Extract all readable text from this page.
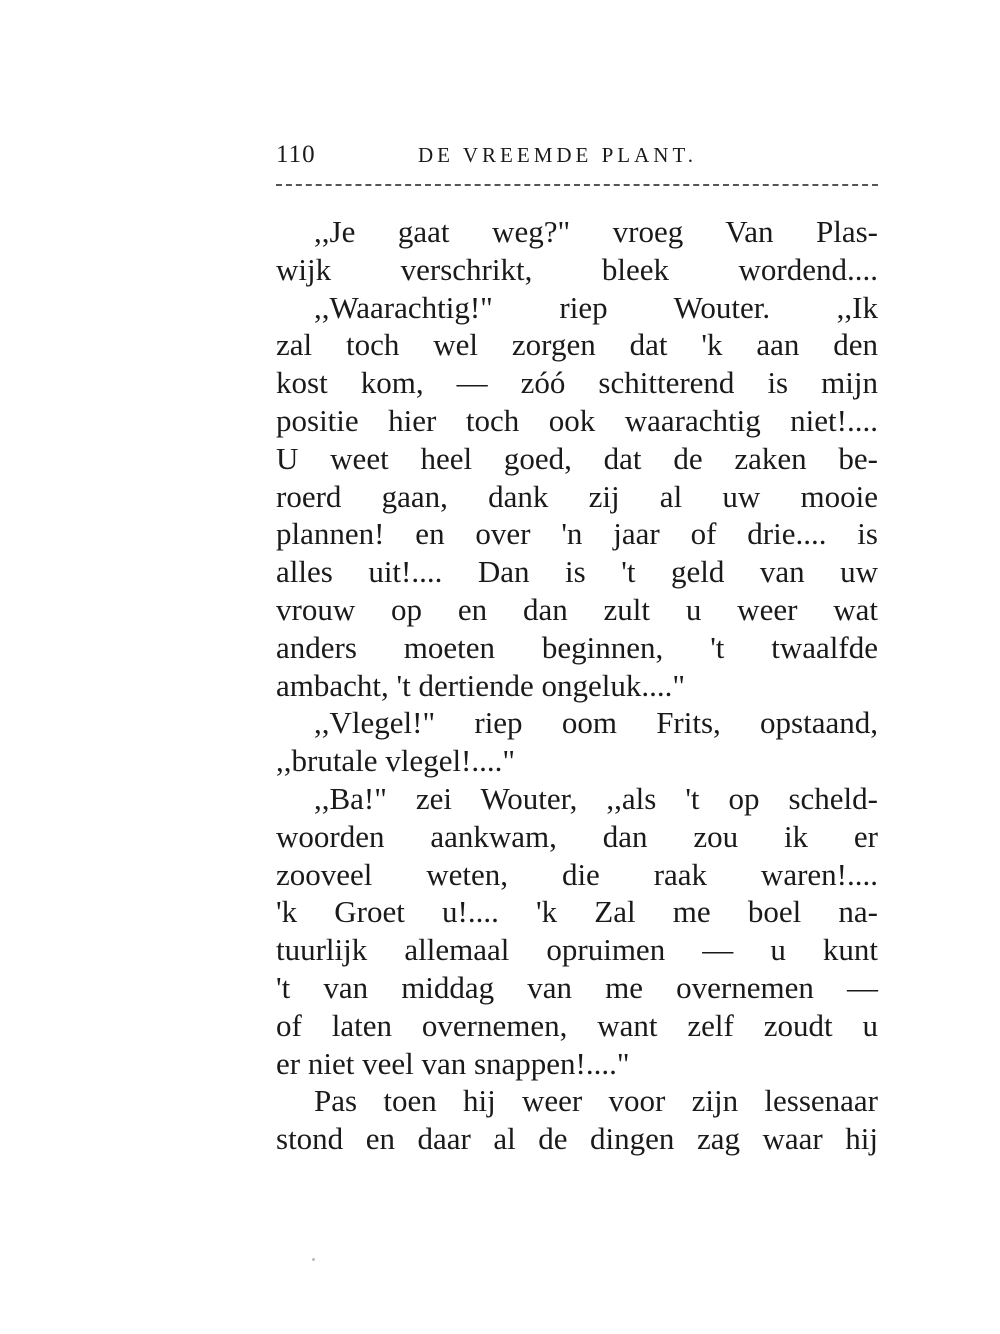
110	DE VREEMDE PLANT.
,,Je gaat weg?" vroeg Van Plas-
wijk verschrikt, bleek wordend....
,,Waarachtig!" riep Wouter. ,,Ik
zal toch wel zorgen dat 'k aan den
kost kom, — zóó schitterend is mijn
positie hier toch ook waarachtig niet!....
U weet heel goed, dat de zaken be-
roerd gaan, dank zij al uw mooie
plannen! en over 'n jaar of drie.... is
alles uit!.... Dan is 't geld van uw
vrouw op en dan zult u weer wat
anders moeten beginnen, 't twaalfde
ambacht, 't dertiende ongeluk...."
,,Vlegel!" riep oom Frits, opstaand,
,,brutale vlegel!...."
,,Ba!" zei Wouter, ,,als 't op scheld-
woorden aankwam, dan zou ik er
zooveel weten, die raak waren!....
'k Groet u!.... 'k Zal me boel na-
tuurlijk allemaal opruimen — u kunt
't van middag van me overnemen —
of laten overnemen, want zelf zoudt u
er niet veel van snappen!...."
Pas toen hij weer voor zijn lessenaar
stond en daar al de dingen zag waar hij
